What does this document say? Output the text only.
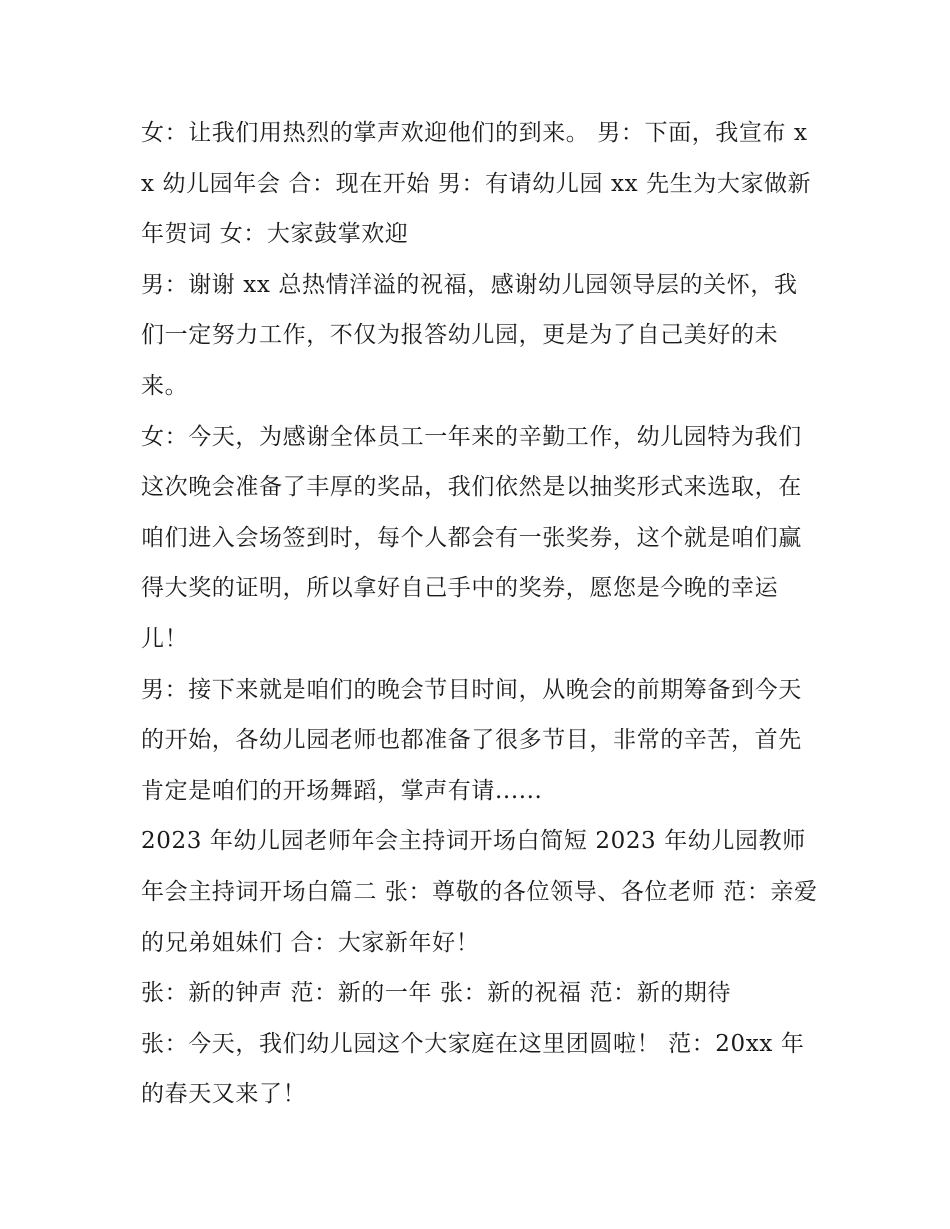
女：让我们用热烈的掌声欢迎他们的到来。 男：下面，我宣布 xx 幼儿园年会 合：现在开始 男：有请幼儿园 xx 先生为大家做新年贺词 女：大家鼓掌欢迎

男：谢谢 xx 总热情洋溢的祝福，感谢幼儿园领导层的关怀，我们一定努力工作，不仅为报答幼儿园，更是为了自己美好的未来。

女：今天，为感谢全体员工一年来的辛勤工作，幼儿园特为我们这次晚会准备了丰厚的奖品，我们依然是以抽奖形式来选取，在咱们进入会场签到时，每个人都会有一张奖券，这个就是咱们赢得大奖的证明，所以拿好自己手中的奖券，愿您是今晚的幸运儿！

男：接下来就是咱们的晚会节目时间，从晚会的前期筹备到今天的开始，各幼儿园老师也都准备了很多节目，非常的辛苦，首先肯定是咱们的开场舞蹈，掌声有请......

2023 年幼儿园老师年会主持词开场白简短 2023 年幼儿园教师年会主持词开场白篇二 张：尊敬的各位领导、各位老师 范：亲爱的兄弟姐妹们 合：大家新年好！

张：新的钟声 范：新的一年 张：新的祝福 范：新的期待

张：今天，我们幼儿园这个大家庭在这里团圆啦！ 范：20xx 年的春天又来了！
